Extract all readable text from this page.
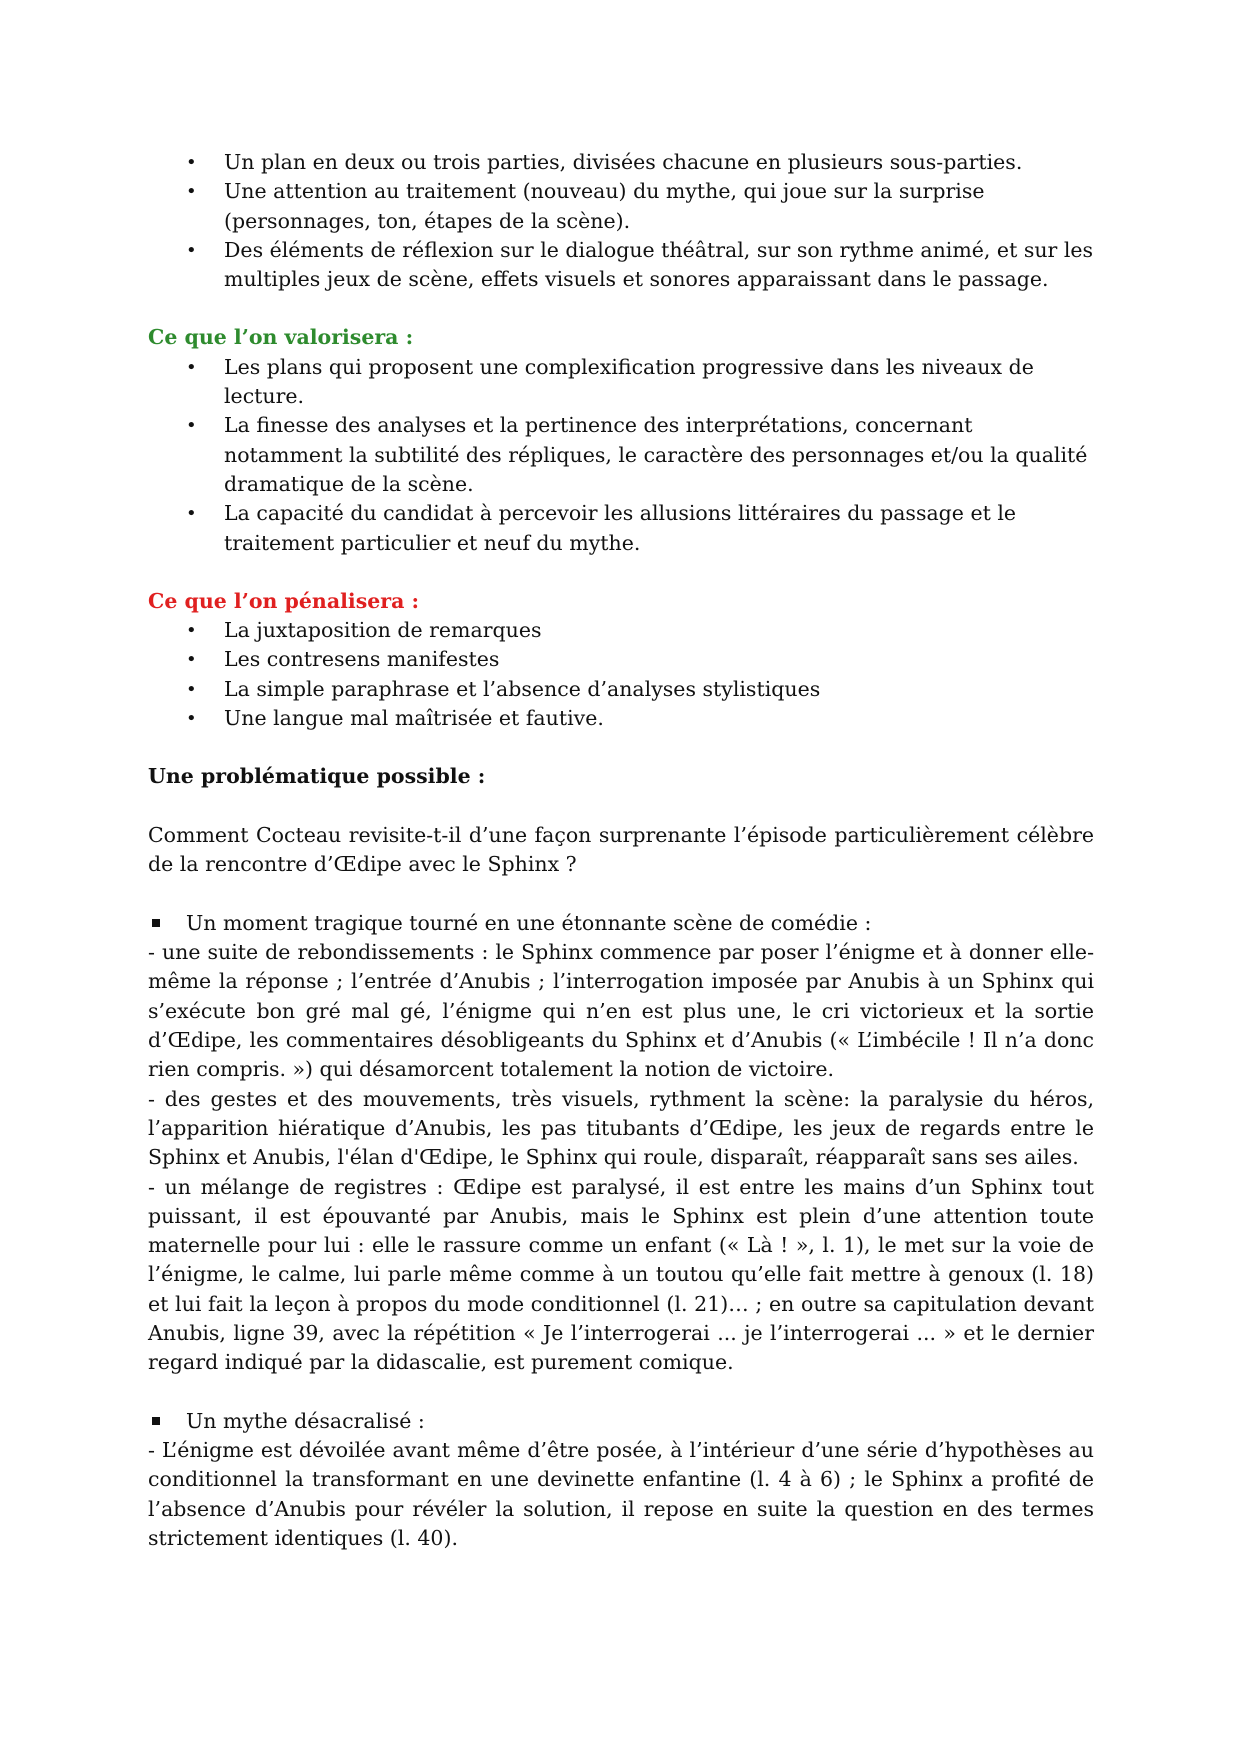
• Un plan en deux ou trois parties, divisées chacune en plusieurs sous-parties.
• Une attention au traitement (nouveau) du mythe, qui joue sur la surprise (personnages, ton, étapes de la scène).
• Des éléments de réflexion sur le dialogue théâtral, sur son rythme animé, et sur les multiples jeux de scène, effets visuels et sonores apparaissant dans le passage.
Ce que l’on valorisera :
• Les plans qui proposent une complexification progressive dans les niveaux de lecture.
• La finesse des analyses et la pertinence des interprétations, concernant notamment la subtilité des répliques, le caractère des personnages et/ou la qualité dramatique de la scène.
• La capacité du candidat à percevoir les allusions littéraires du passage et le traitement particulier et neuf du mythe.
Ce que l’on pénalisera :
• La juxtaposition de remarques
• Les contresens manifestes
• La simple paraphrase et l’absence d’analyses stylistiques
• Une langue mal maîtrisée et fautive.
Une problématique possible :
Comment Cocteau revisite-t-il d’une façon surprenante l’épisode particulièrement célèbre de la rencontre d’Œdipe avec le Sphinx ?
Un moment tragique tourné en une étonnante scène de comédie :
- une suite de rebondissements : le Sphinx commence par poser l’énigme et à donner elle-même la réponse ; l’entrée d’Anubis ; l’interrogation imposée par Anubis à un Sphinx qui s’exécute bon gré mal gé, l’énigme qui n’en est plus une, le cri victorieux et la sortie d’Œdipe, les commentaires désobligeants du Sphinx et d’Anubis (« L’imbécile ! Il n’a donc rien compris. ») qui désamorcent totalement la notion de victoire.
- des gestes et des mouvements, très visuels, rythment la scène: la paralysie du héros, l’apparition hiératique d’Anubis, les pas titubants d’Œdipe, les jeux de regards entre le Sphinx et Anubis, l'élan d'Œdipe, le Sphinx qui roule, disparaît, réapparaît sans ses ailes.
- un mélange de registres : Œdipe est paralysé, il est entre les mains d’un Sphinx tout puissant, il est épouvanté par Anubis, mais le Sphinx est plein d’une attention toute maternelle pour lui : elle le rassure comme un enfant (« Là ! », l. 1), le met sur la voie de l’énigme, le calme, lui parle même comme à un toutou qu’elle fait mettre à genoux (l. 18) et lui fait la leçon à propos du mode conditionnel (l. 21)… ; en outre sa capitulation devant Anubis, ligne 39, avec la répétition « Je l’interrogerai ... je l’interrogerai ... » et le dernier regard indiqué par la didascalie, est purement comique.
Un mythe désacralisé :
- L’énigme est dévoilée avant même d’être posée, à l’intérieur d’une série d’hypothèses au conditionnel la transformant en une devinette enfantine (l. 4 à 6) ; le Sphinx a profité de l’absence d’Anubis pour révéler la solution, il repose en suite la question en des termes strictement identiques (l. 40).
